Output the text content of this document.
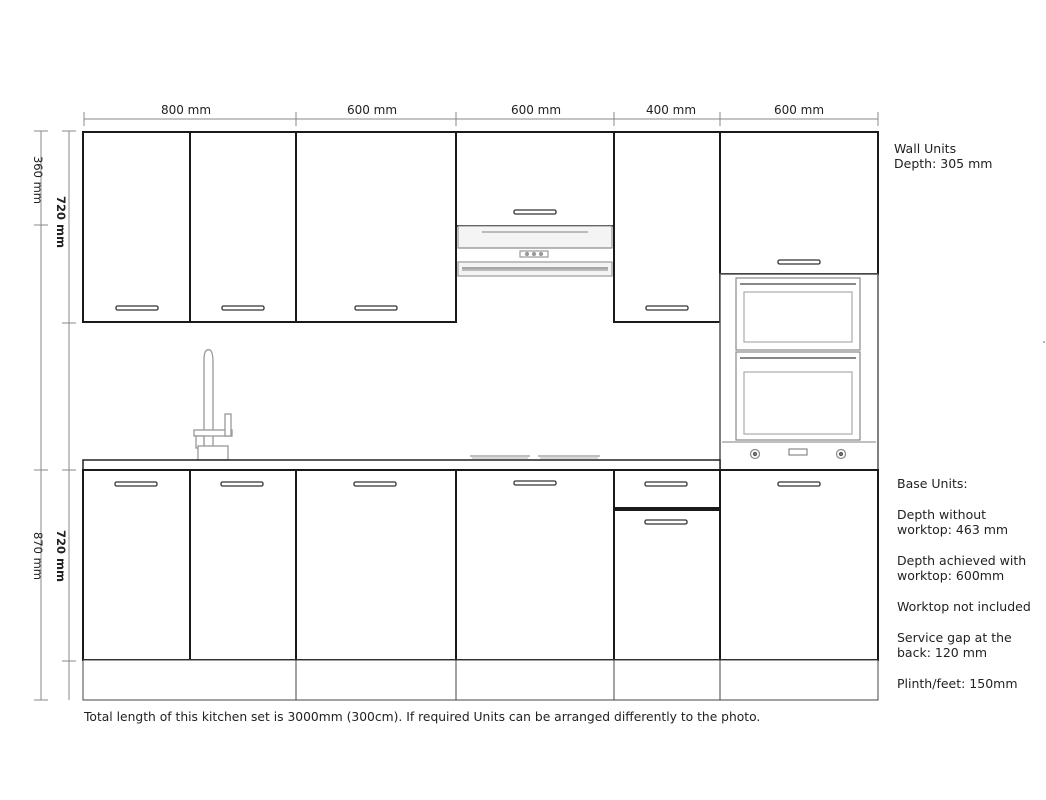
800 mm	600 mm	600 mm	400 mm	600 mm
360 mm
720 mm
870 mm 720 mm
Total length of this kitchen set is 3000mm (300cm). If required Units can be arranged differently to the photo.
Wall Units
Depth: 305 mm
Base Units:
Depth without
worktop: 463 mm
Depth achieved with
worktop: 600mm
Worktop not included
Service gap at the
back: 120 mm
Plinth/feet: 150mm
